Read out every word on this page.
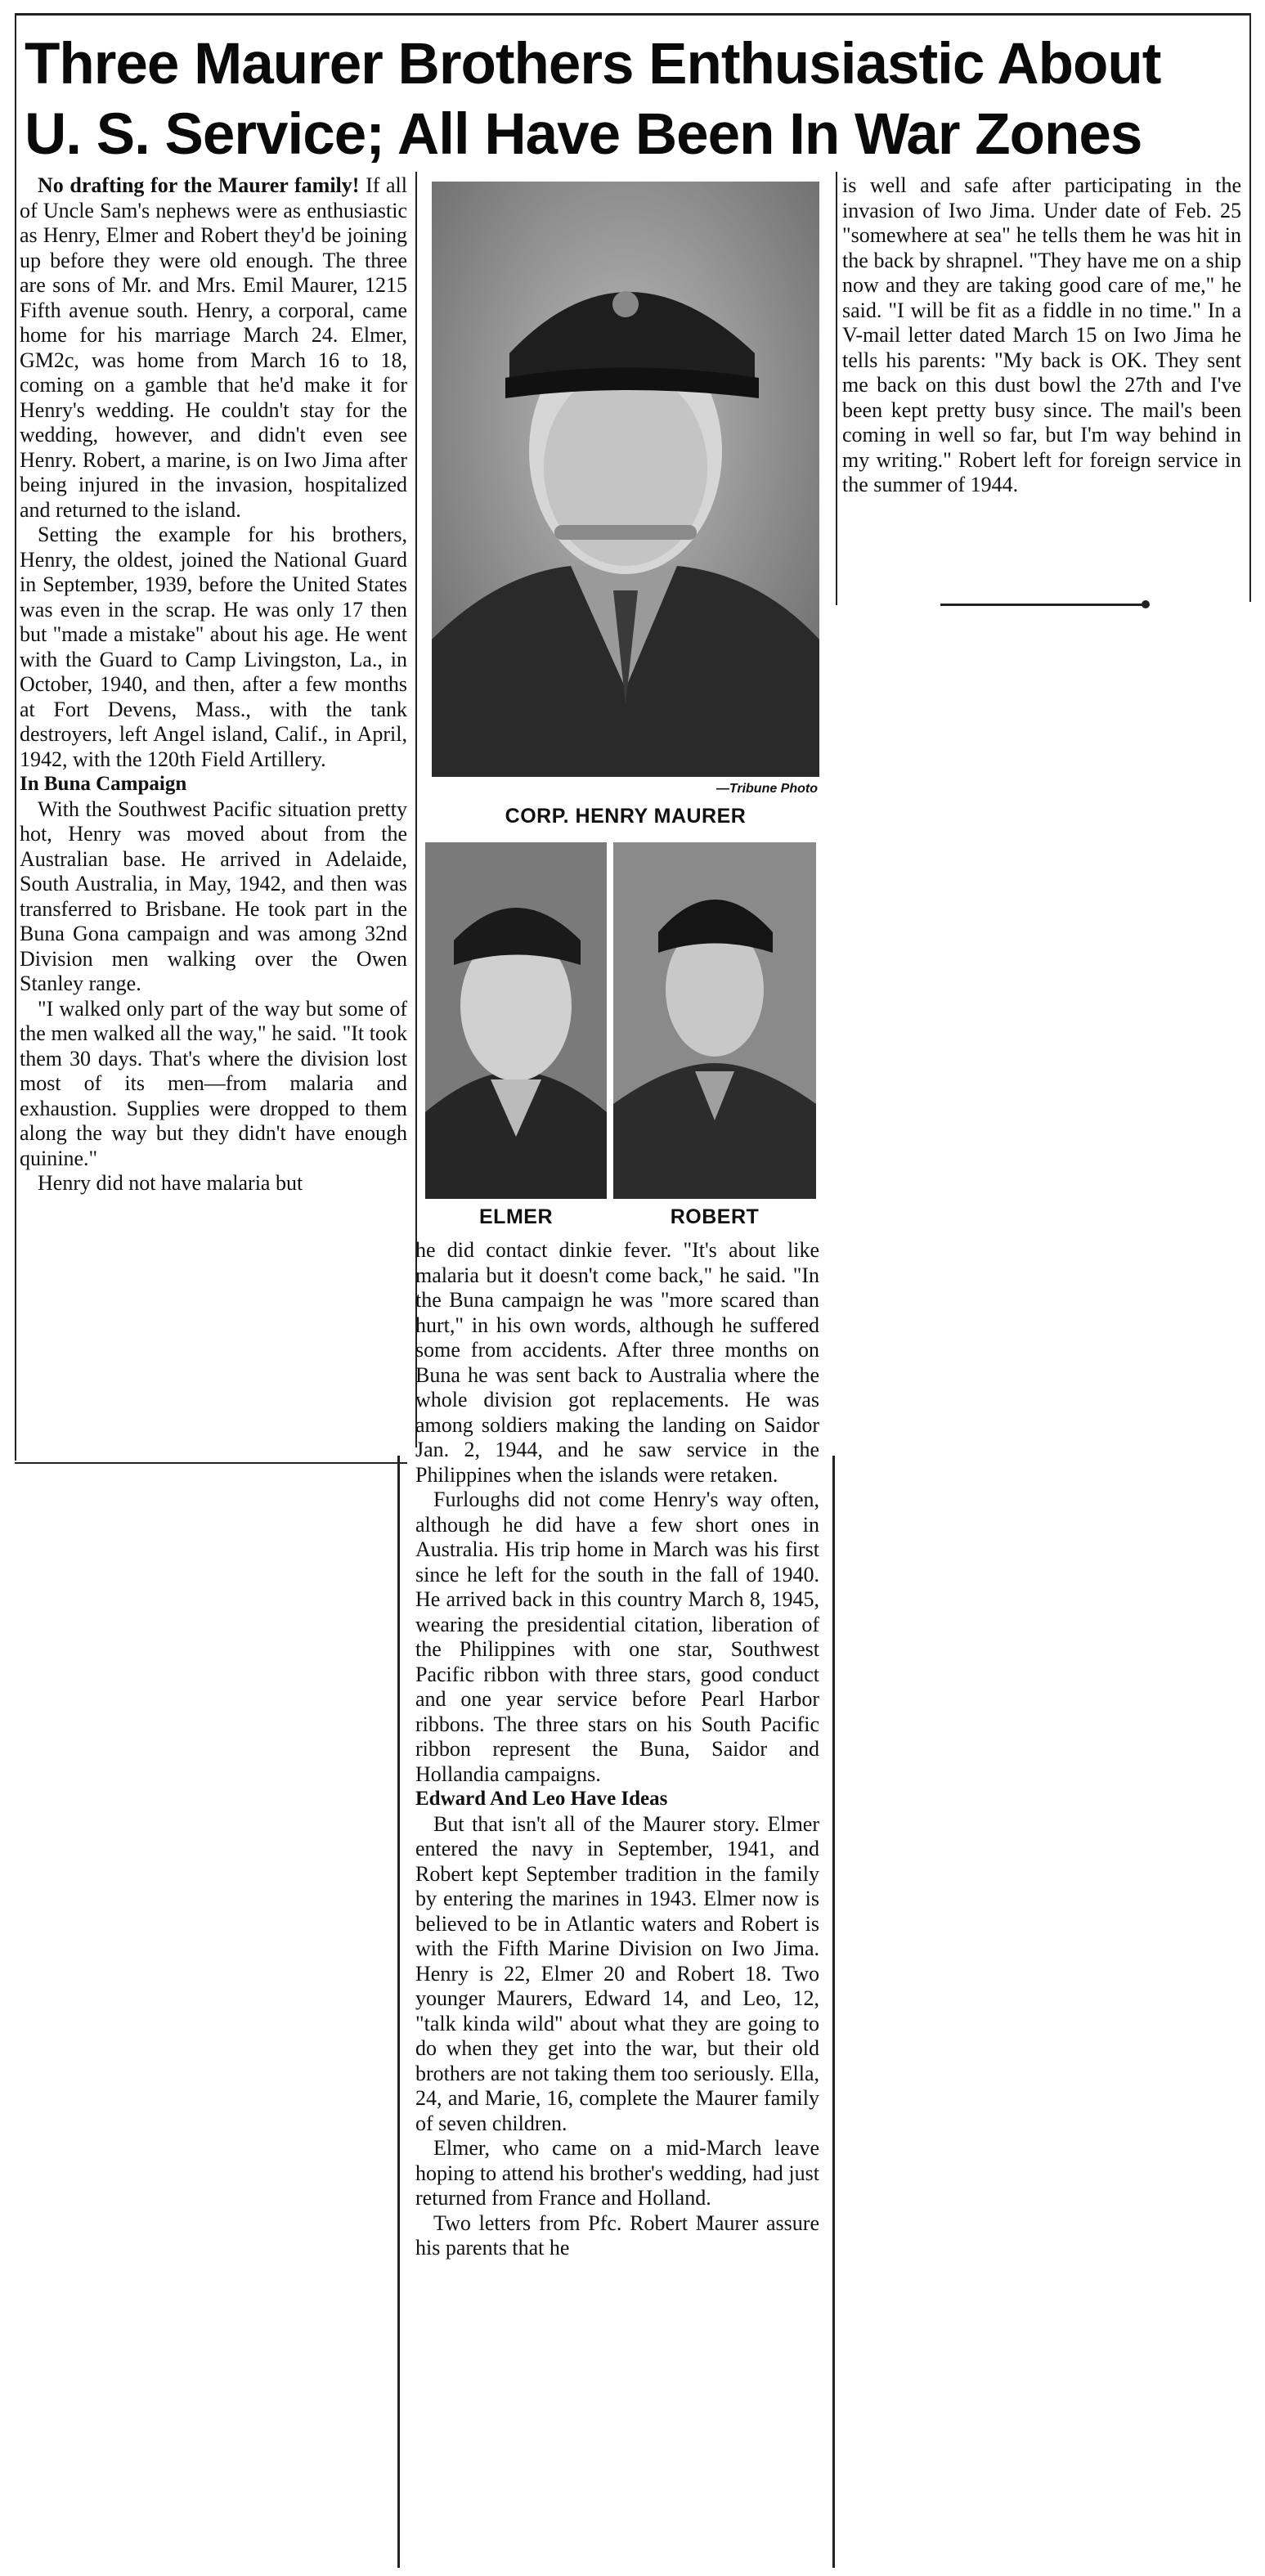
Three Maurer Brothers Enthusiastic About
U. S. Service; All Have Been In War Zones

No drafting for the Maurer family! If all of Uncle Sam's nephews were as enthusiastic as Henry, Elmer and Robert they'd be joining up before they were old enough. The three are sons of Mr. and Mrs. Emil Maurer, 1215 Fifth avenue south. Henry, a corporal, came home for his marriage March 24. Elmer, GM2c, was home from March 16 to 18, coming on a gamble that he'd make it for Henry's wedding. He couldn't stay for the wedding, however, and didn't even see Henry. Robert, a marine, is on Iwo Jima after being injured in the invasion, hospitalized and returned to the island.

Setting the example for his brothers, Henry, the oldest, joined the National Guard in September, 1939, before the United States was even in the scrap. He was only 17 then but "made a mistake" about his age. He went with the Guard to Camp Livingston, La., in October, 1940, and then, after a few months at Fort Devens, Mass., with the tank destroyers, left Angel island, Calif., in April, 1942, with the 120th Field Artillery.

In Buna Campaign

With the Southwest Pacific situation pretty hot, Henry was moved about from the Australian base. He arrived in Adelaide, South Australia, in May, 1942, and then was transferred to Brisbane. He took part in the Buna Gona campaign and was among 32nd Division men walking over the Owen Stanley range.

"I walked only part of the way but some of the men walked all the way," he said. "It took them 30 days. That's where the division lost most of its men—from malaria and exhaustion. Supplies were dropped to them along the way but they didn't have enough quinine."

Henry did not have malaria but

—Tribune Photo
CORP. HENRY MAURER
ELMER	ROBERT

he did contact dinkie fever. "It's about like malaria but it doesn't come back," he said. "In the Buna campaign he was "more scared than hurt," in his own words, although he suffered some from accidents. After three months on Buna he was sent back to Australia where the whole division got replacements. He was among soldiers making the landing on Saidor Jan. 2, 1944, and he saw service in the Philippines when the islands were retaken.

Furloughs did not come Henry's way often, although he did have a few short ones in Australia. His trip home in March was his first since he left for the south in the fall of 1940. He arrived back in this country March 8, 1945, wearing the presidential citation, liberation of the Philippines with one star, Southwest Pacific ribbon with three stars, good conduct and one year service before Pearl Harbor ribbons. The three stars on his South Pacific ribbon represent the Buna, Saidor and Hollandia campaigns.

Edward And Leo Have Ideas

But that isn't all of the Maurer story. Elmer entered the navy in September, 1941, and Robert kept September tradition in the family by entering the marines in 1943. Elmer now is believed to be in Atlantic waters and Robert is with the Fifth Marine Division on Iwo Jima. Henry is 22, Elmer 20 and Robert 18. Two younger Maurers, Edward 14, and Leo, 12, "talk kinda wild" about what they are going to do when they get into the war, but their old brothers are not taking them too seriously. Ella, 24, and Marie, 16, complete the Maurer family of seven children.

Elmer, who came on a mid-March leave hoping to attend his brother's wedding, had just returned from France and Holland.

Two letters from Pfc. Robert Maurer assure his parents that he

is well and safe after participating in the invasion of Iwo Jima. Under date of Feb. 25 "somewhere at sea" he tells them he was hit in the back by shrapnel. "They have me on a ship now and they are taking good care of me," he said. "I will be fit as a fiddle in no time." In a V-mail letter dated March 15 on Iwo Jima he tells his parents: "My back is OK. They sent me back on this dust bowl the 27th and I've been kept pretty busy since. The mail's been coming in well so far, but I'm way behind in my writing." Robert left for foreign service in the summer of 1944.
